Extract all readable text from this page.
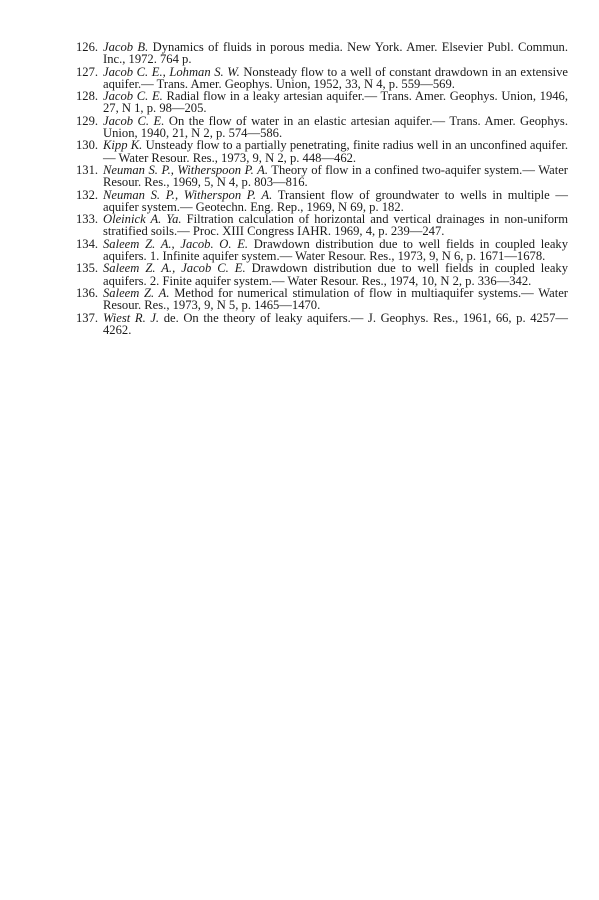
126. Jacob B. Dynamics of fluids in porous media. New York. Amer. Elsevier Publ. Commun. Inc., 1972. 764 p.
127. Jacob C. E., Lohman S. W. Nonsteady flow to a well of constant drawdown in an extensive aquifer.— Trans. Amer. Geophys. Union, 1952, 33, N 4, p. 559—569.
128. Jacob C. E. Radial flow in a leaky artesian aquifer.— Trans. Amer. Geophys. Union, 1946, 27, N 1, p. 98—205.
129. Jacob C. E. On the flow of water in an elastic artesian aquifer.— Trans. Amer. Geophys. Union, 1940, 21, N 2, p. 574—586.
130. Kipp K. Unsteady flow to a partially penetrating, finite radius well in an unconfined aquifer.— Water Resour. Res., 1973, 9, N 2, p. 448—462.
131. Neuman S. P., Witherspoon P. A. Theory of flow in a confined two-aquifer system.— Water Resour. Res., 1969, 5, N 4, p. 803—816.
132. Neuman S. P., Witherspon P. A. Transient flow of groundwater to wells in multiple — aquifer system.— Geotechn. Eng. Rep., 1969, N 69, p. 182.
133. Oleinick A. Ya. Filtration calculation of horizontal and vertical drainages in non-uniform stratified soils.— Proc. XIII Congress IAHR. 1969, 4, p. 239—247.
134. Saleem Z. A., Jacob. O. E. Drawdown distribution due to well fields in coupled leaky aquifers. 1. Infinite aquifer system.— Water Resour. Res., 1973, 9, N 6, p. 1671—1678.
135. Saleem Z. A., Jacob C. E. Drawdown distribution due to well fields in coupled leaky aquifers. 2. Finite aquifer system.— Water Resour. Res., 1974, 10, N 2, p. 336—342.
136. Saleem Z. A. Method for numerical stimulation of flow in multiaquifer systems.— Water Resour. Res., 1973, 9, N 5, p. 1465—1470.
137. Wiest R. J. de. On the theory of leaky aquifers.— J. Geophys. Res., 1961, 66, p. 4257—4262.
